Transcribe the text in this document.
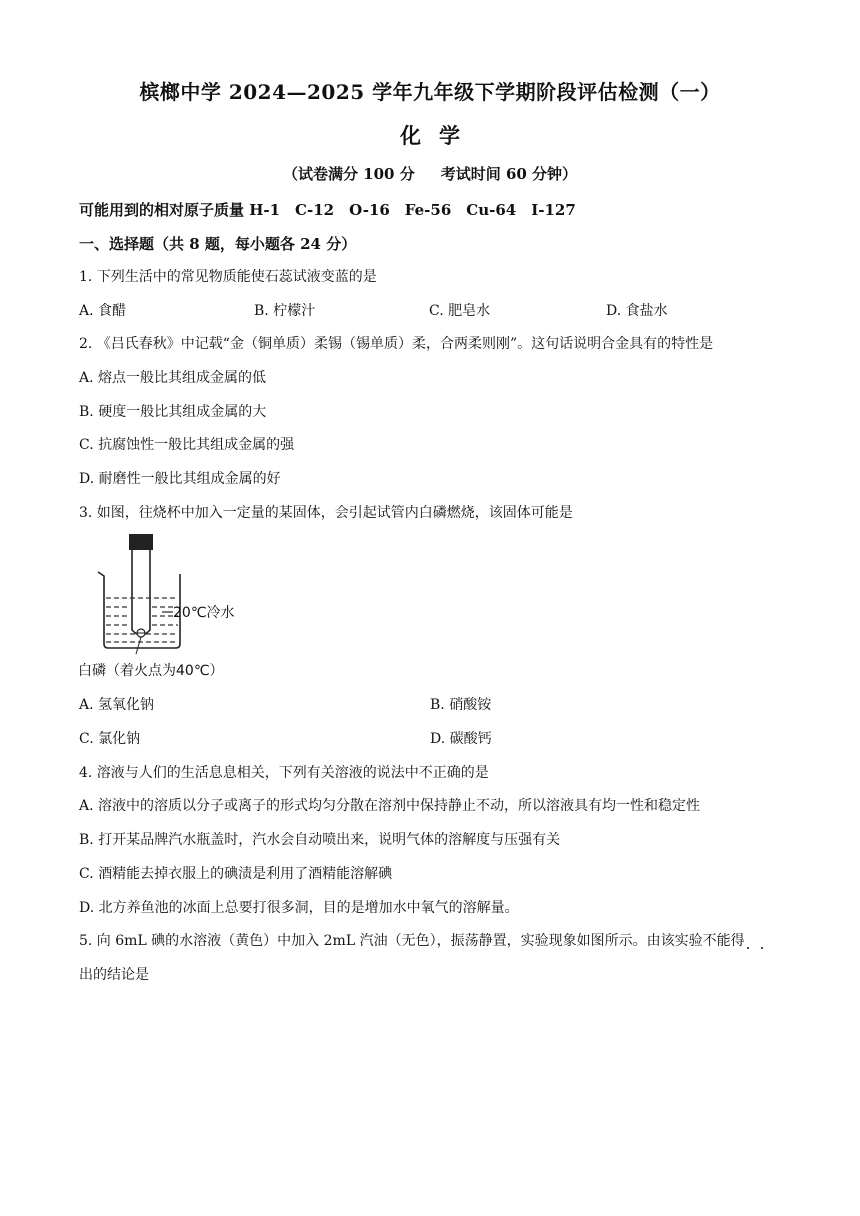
槟榔中学 2024—2025 学年九年级下学期阶段评估检测（一）
化学
（试卷满分 100 分 考试时间 60 分钟）
可能用到的相对原子质量 H-1　C-12　O-16　Fe-56　Cu-64　I-127
一、选择题（共 8 题，每小题各 24 分）
1. 下列生活中的常见物质能使石蕊试液变蓝的是
A. 食醋	B. 柠檬汁	C. 肥皂水	D. 食盐水
2. 《吕氏春秋》中记载“金（铜单质）柔锡（锡单质）柔，合两柔则刚”。这句话说明合金具有的特性是
A. 熔点一般比其组成金属的低
B. 硬度一般比其组成金属的大
C. 抗腐蚀性一般比其组成金属的强
D. 耐磨性一般比其组成金属的好
3. 如图，往烧杯中加入一定量的某固体，会引起试管内白磷燃烧，该固体可能是
20℃冷水
白磷（着火点为40℃）
A. 氢氧化钠	B. 硝酸铵
C. 氯化钠	D. 碳酸钙
4. 溶液与人们的生活息息相关，下列有关溶液的说法中不正确的是
A. 溶液中的溶质以分子或离子的形式均匀分散在溶剂中保持静止不动，所以溶液具有均一性和稳定性
B. 打开某品牌汽水瓶盖时，汽水会自动喷出来，说明气体的溶解度与压强有关
C. 酒精能去掉衣服上的碘渍是利用了酒精能溶解碘
D. 北方养鱼池的冰面上总要打很多洞，目的是增加水中氧气的溶解量。
5. 向 6mL 碘的水溶液（黄色）中加入 2mL 汽油（无色），振荡静置，实验现象如图所示。由该实验不能得
出的结论是
